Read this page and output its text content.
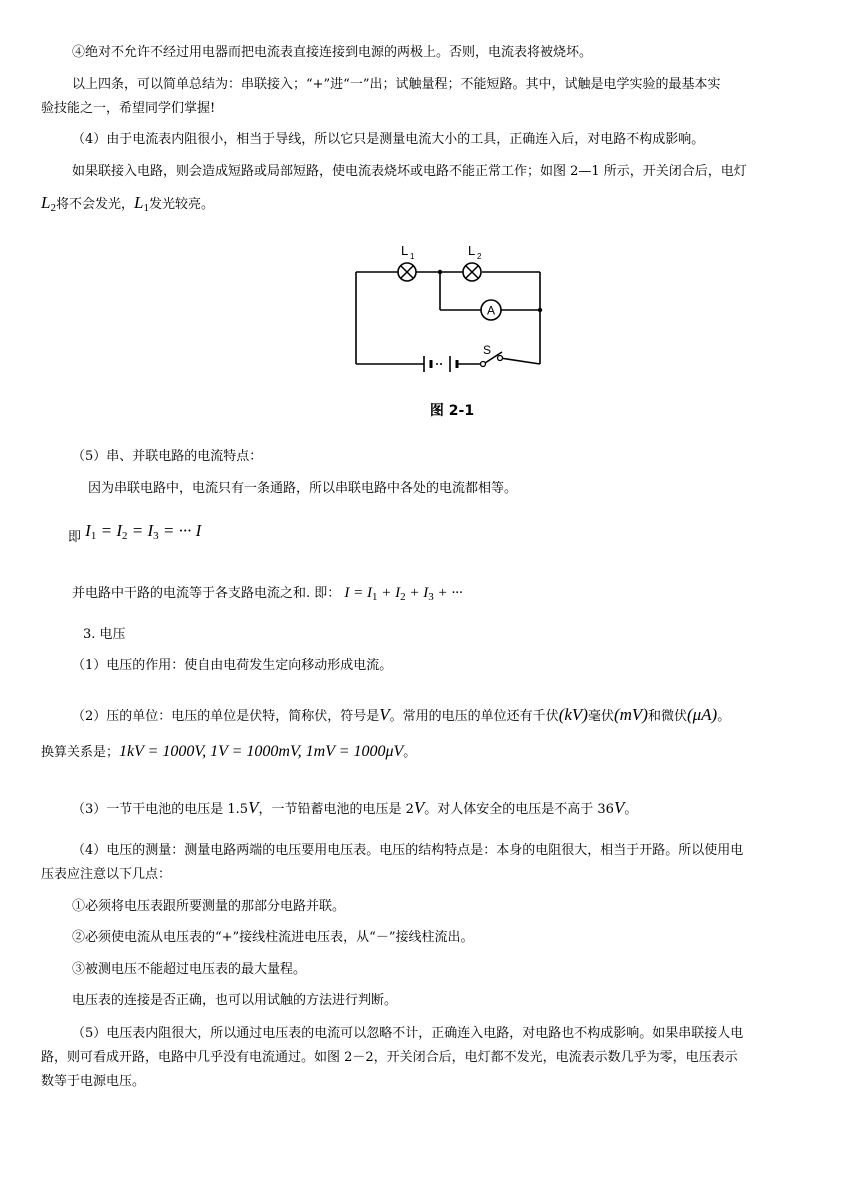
④绝对不允许不经过用电器而把电流表直接连接到电源的两极上。否则，电流表将被烧坏。
以上四条，可以简单总结为：串联接入；“+”进“一”出；试触量程；不能短路。其中，试触是电学实验的最基本实
验技能之一，希望同学们掌握!
（4）由于电流表内阻很小，相当于导线，所以它只是测量电流大小的工具，正确连入后，对电路不构成影响。
如果联接入电路，则会造成短路或局部短路，使电流表烧坏或电路不能正常工作；如图 2—1 所示，开关闭合后，电灯
$L_2$将不会发光，$L_1$发光较亮。
A
L 1	L 2
S
图 2-1
（5）串、并联电路的电流特点：
因为串联电路中，电流只有一条通路，所以串联电路中各处的电流都相等。
即 $I_1 = I_2 = I_3$ = ··· I
并电路中干路的电流等于各支路电流之和. 即： $I = I_1 + I_2 + I_3$ + ···
3. 电压
（1）电压的作用：使自由电荷发生定向移动形成电流。
（2）压的单位：电压的单位是伏特，简称伏，符号是V。常用的电压的单位还有千伏(kV)毫伏(mV)和微伏(μA)。
换算关系是；1kV = 1000V, 1V = 1000mV, 1mV = 1000μV。
（3）一节干电池的电压是 1.5V，一节铅蓄电池的电压是 2V。对人体安全的电压是不高于 36V。
（4）电压的测量：测量电路两端的电压要用电压表。电压的结构特点是：本身的电阻很大，相当于开路。所以使用电
压表应注意以下几点：
①必须将电压表跟所要测量的那部分电路并联。
②必须使电流从电压表的“+”接线柱流进电压表，从“－”接线柱流出。
③被测电压不能超过电压表的最大量程。
电压表的连接是否正确，也可以用试触的方法进行判断。
（5）电压表内阻很大，所以通过电压表的电流可以忽略不计，正确连入电路，对电路也不构成影响。如果串联接人电
路，则可看成开路，电路中几乎没有电流通过。如图 2－2，开关闭合后，电灯都不发光，电流表示数几乎为零，电压表示
数等于电源电压。
